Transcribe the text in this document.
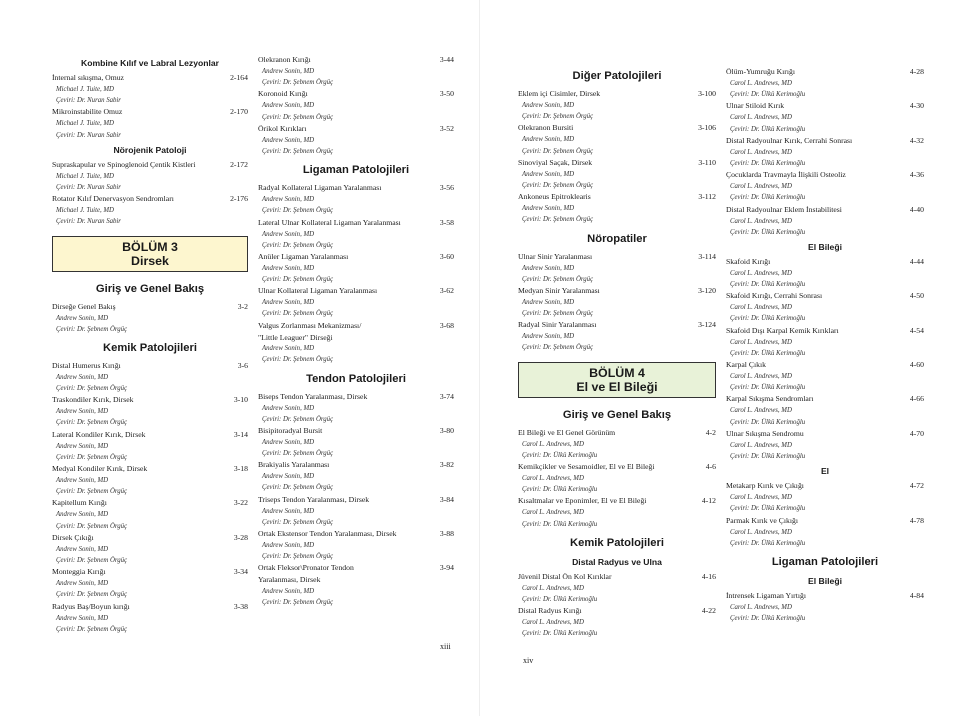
Kombine Kılıf ve Labral Lezyonlar
İnternal sıkışma, Omuz	2-164
Michael J. Tuite, MD
Çeviri: Dr. Nuran Sabir
Mikroinstabilite Omuz	2-170
Michael J. Tuite, MD
Çeviri: Dr. Nuran Sabir
Nörojenik Patoloji
Supraskapular ve Spinoglenoid Çentik Kistleri	2-172
Michael J. Tuite, MD
Çeviri: Dr. Nuran Sabir
Rotator Kılıf Denervasyon Sendromları	2-176
Michael J. Tuite, MD
Çeviri: Dr. Nuran Sabir
BÖLÜM 3
Dirsek
Giriş ve Genel Bakış
Dirseğe Genel Bakış	3-2
Andrew Sonin, MD
Çeviri: Dr. Şebnem Örgüç
Kemik Patolojileri
Distal Humerus Kırığı	3-6
Andrew Sonin, MD
Çeviri: Dr. Şebnem Örgüç
Traskondiler Kırık, Dirsek	3-10
Andrew Sonin, MD
Çeviri: Dr. Şebnem Örgüç
Lateral Kondiler Kırık, Dirsek	3-14
Andrew Sonin, MD
Çeviri: Dr. Şebnem Örgüç
Medyal Kondiler Kırık, Dirsek	3-18
Andrew Sonin, MD
Çeviri: Dr. Şebnem Örgüç
Kapitellum Kırığı	3-22
Andrew Sonin, MD
Çeviri: Dr. Şebnem Örgüç
Dirsek Çıkığı	3-28
Andrew Sonin, MD
Çeviri: Dr. Şebnem Örgüç
Monteggia Kırığı	3-34
Andrew Sonin, MD
Çeviri: Dr. Şebnem Örgüç
Radyus Baş/Boyun kırığı	3-38
Andrew Sonin, MD
Çeviri: Dr. Şebnem Örgüç
Olekranon Kırığı	3-44
Andrew Sonin, MD
Çeviri: Dr. Şebnem Örgüç
Koronoid Kırığı	3-50
Andrew Sonin, MD
Çeviri: Dr. Şebnem Örgüç
Örikol Kırıkları	3-52
Andrew Sonin, MD
Çeviri: Dr. Şebnem Örgüç
Ligaman Patolojileri
Radyal Kollateral Ligaman Yaralanması	3-56
Andrew Sonin, MD
Çeviri: Dr. Şebnem Örgüç
Lateral Ulnar Kollateral Ligaman Yaralanması	3-58
Andrew Sonin, MD
Çeviri: Dr. Şebnem Örgüç
Anüler Ligaman Yaralanması	3-60
Andrew Sonin, MD
Çeviri: Dr. Şebnem Örgüç
Ulnar Kollateral Ligaman Yaralanması	3-62
Andrew Sonin, MD
Çeviri: Dr. Şebnem Örgüç
Valgus Zorlanması Mekanizması/	3-68
"Little Leaguer" Dirseği
Andrew Sonin, MD
Çeviri: Dr. Şebnem Örgüç
Tendon Patolojileri
Biseps Tendon Yaralanması, Dirsek	3-74
Andrew Sonin, MD
Çeviri: Dr. Şebnem Örgüç
Bisipitoradyal Bursit	3-80
Andrew Sonin, MD
Çeviri: Dr. Şebnem Örgüç
Brakiyalis Yaralanması	3-82
Andrew Sonin, MD
Çeviri: Dr. Şebnem Örgüç
Triseps Tendon Yaralanması, Dirsek	3-84
Andrew Sonin, MD
Çeviri: Dr. Şebnem Örgüç
Ortak Ekstensor Tendon Yaralanması, Dirsek	3-88
Andrew Sonin, MD
Çeviri: Dr. Şebnem Örgüç
Ortak Fleksor\Pronator Tendon	3-94
Yaralanması, Dirsek
Andrew Sonin, MD
Çeviri: Dr. Şebnem Örgüç
xiii
Diğer Patolojileri
Eklem içi Cisimler, Dirsek	3-100
Andrew Sonin, MD
Çeviri: Dr. Şebnem Örgüç
Olekranon Bursiti	3-106
Andrew Sonin, MD
Çeviri: Dr. Şebnem Örgüç
Sinoviyal Saçak, Dirsek	3-110
Andrew Sonin, MD
Çeviri: Dr. Şebnem Örgüç
Ankoneus Epitroklearis	3-112
Andrew Sonin, MD
Çeviri: Dr. Şebnem Örgüç
Nöropatiler
Ulnar Sinir Yaralanması	3-114
Andrew Sonin, MD
Çeviri: Dr. Şebnem Örgüç
Medyan Sinir Yaralanması	3-120
Andrew Sonin, MD
Çeviri: Dr. Şebnem Örgüç
Radyal Sinir Yaralanması	3-124
Andrew Sonin, MD
Çeviri: Dr. Şebnem Örgüç
BÖLÜM 4
El ve El Bileği
Giriş ve Genel Bakış
El Bileği ve El Genel Görünüm	4-2
Carol L. Andrews, MD
Çeviri: Dr. Ülkü Kerimoğlu
Kemikçikler ve Sesamoidler, El ve El Bileği	4-6
Carol L. Andrews, MD
Çeviri: Dr. Ülkü Kerimoğlu
Kısaltmalar ve Eponimler, El ve El Bileği	4-12
Carol L. Andrews, MD
Çeviri: Dr. Ülkü Kerimoğlu
Kemik Patolojileri
Distal Radyus ve Ulna
Jüvenil Distal Ön Kol Kırıklar	4-16
Carol L. Andrews, MD
Çeviri: Dr. Ülkü Kerimoğlu
Distal Radyus Kırığı	4-22
Carol L. Andrews, MD
Çeviri: Dr. Ülkü Kerimoğlu
Ölüm-Yumruğu Kırığı	4-28
Carol L. Andrews, MD
Çeviri: Dr. Ülkü Kerimoğlu
Ulnar Stiloid Kırık	4-30
Carol L. Andrews, MD
Çeviri: Dr. Ülkü Kerimoğlu
Distal Radyoulnar Kırık, Cerrahi Sonrası	4-32
Carol L. Andrews, MD
Çeviri: Dr. Ülkü Kerimoğlu
Çocuklarda Travmayla İlişkili Osteoliz	4-36
Carol L. Andrews, MD
Çeviri: Dr. Ülkü Kerimoğlu
Distal Radyoulnar Eklem İnstabilitesi	4-40
Carol L. Andrews, MD
Çeviri: Dr. Ülkü Kerimoğlu
El Bileği
Skafoid Kırığı	4-44
Carol L. Andrews, MD
Çeviri: Dr. Ülkü Kerimoğlu
Skafoid Kırığı, Cerrahi Sonrası	4-50
Carol L. Andrews, MD
Çeviri: Dr. Ülkü Kerimoğlu
Skafoid Dışı Karpal Kemik Kırıkları	4-54
Carol L. Andrews, MD
Çeviri: Dr. Ülkü Kerimoğlu
Karpal Çıkık	4-60
Carol L. Andrews, MD
Çeviri: Dr. Ülkü Kerimoğlu
Karpal Sıkışma Sendromları	4-66
Carol L. Andrews, MD
Çeviri: Dr. Ülkü Kerimoğlu
Ulnar Sıkışma Sendromu	4-70
Carol L. Andrews, MD
Çeviri: Dr. Ülkü Kerimoğlu
El
Metakarp Kırık ve Çıkığı	4-72
Carol L. Andrews, MD
Çeviri: Dr. Ülkü Kerimoğlu
Parmak Kırık ve Çıkığı	4-78
Carol L. Andrews, MD
Çeviri: Dr. Ülkü Kerimoğlu
Ligaman Patolojileri
El Bileği
İntrensek Ligaman Yırtığı	4-84
Carol L. Andrews, MD
Çeviri: Dr. Ülkü Kerimoğlu
xiv
